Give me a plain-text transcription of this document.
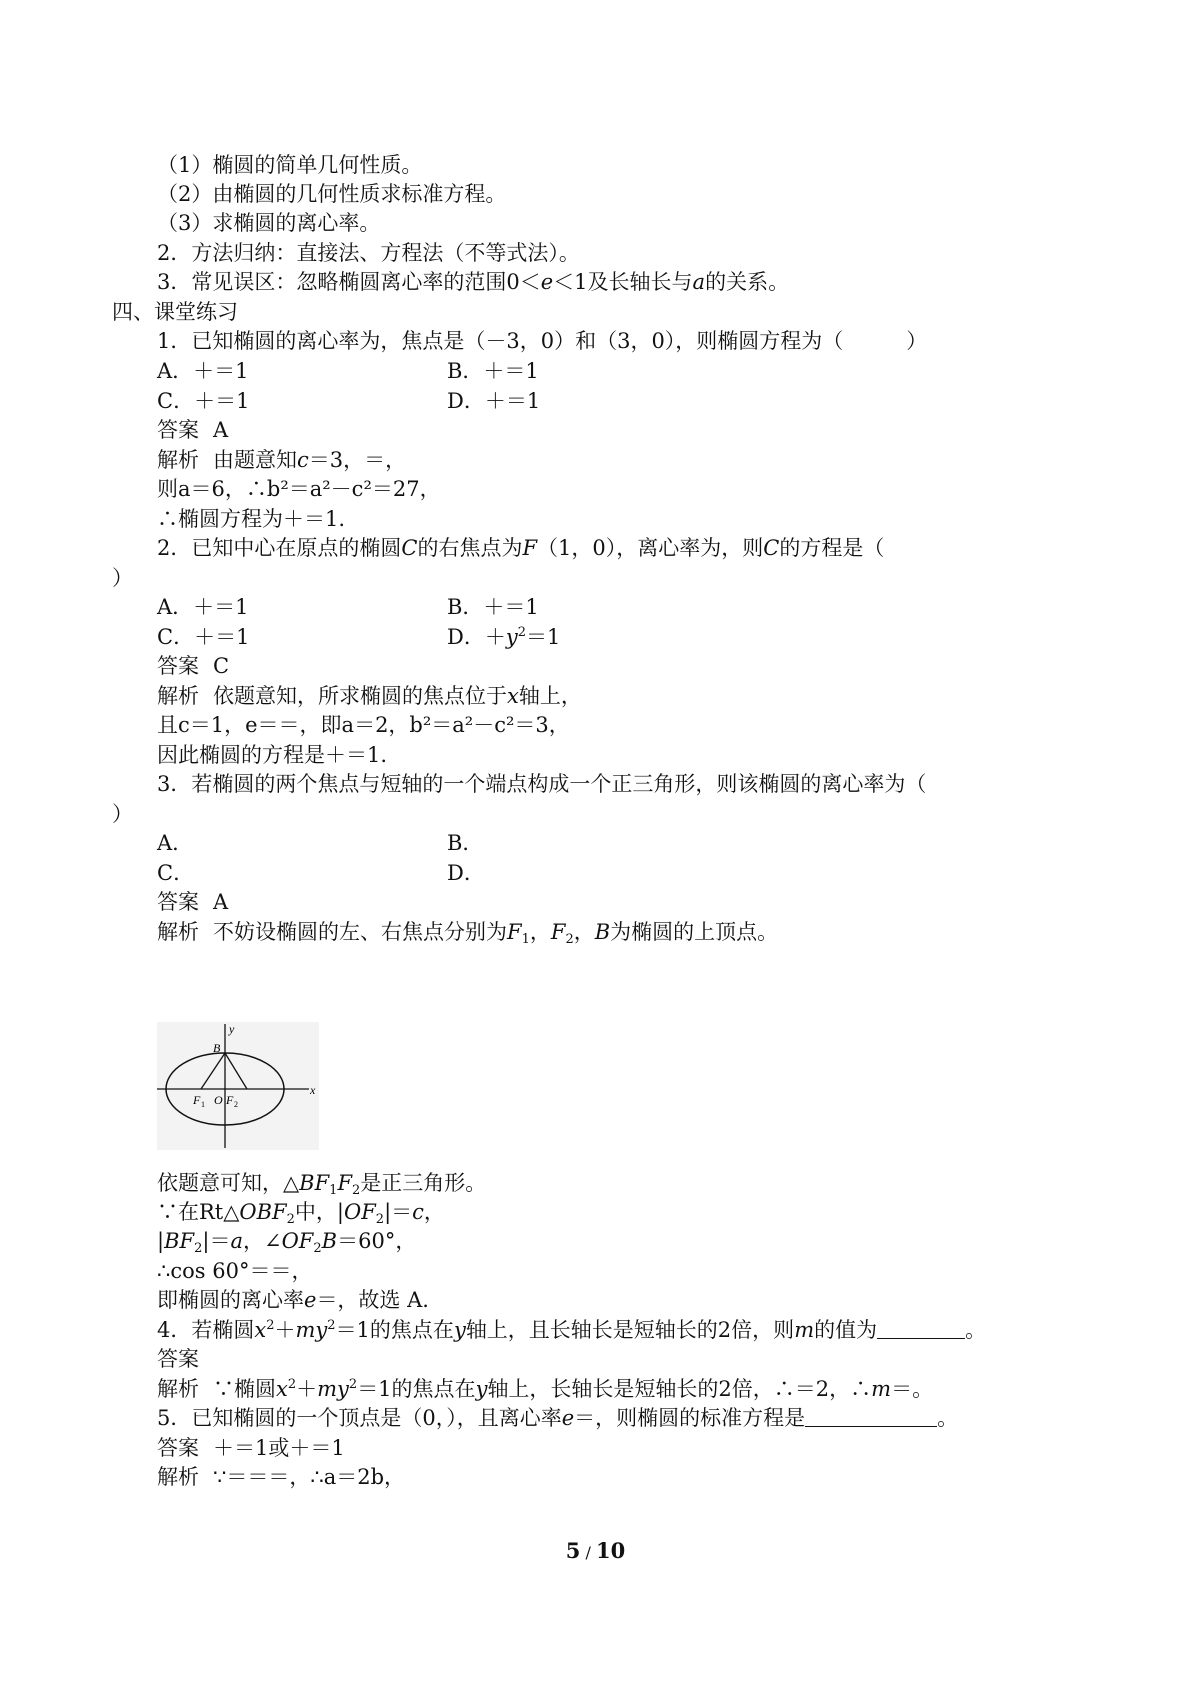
（1）椭圆的简单几何性质。
（2）由椭圆的几何性质求标准方程。
（3）求椭圆的离心率。
2．方法归纳：直接法、方程法（不等式法）。
3．常见误区：忽略椭圆离心率的范围0＜e＜1及长轴长与a的关系。
四、课堂练习
1．已知椭圆的离心率为，焦点是（－3，0）和（3，0），则椭圆方程为（　　　）
A．＋＝1	B．＋＝1
C．＋＝1	D．＋＝1
答案 A
解析 由题意知c＝3，＝，
则a＝6，∴b²＝a²－c²＝27，
∴椭圆方程为＋＝1.
2．已知中心在原点的椭圆C的右焦点为F（1，0），离心率为，则C的方程是（
）
A．＋＝1	B．＋＝1
C．＋＝1	D．$+y^2=1$
答案 C
解析 依题意知，所求椭圆的焦点位于x轴上，
且c＝1，e＝＝，即a＝2，b²＝a²－c²＝3，
因此椭圆的方程是＋＝1.
3．若椭圆的两个焦点与短轴的一个端点构成一个正三角形，则该椭圆的离心率为（
）
A．	B．
C．	D．
答案 A
解析 不妨设椭圆的左、右焦点分别为$F_1$，$F_2$，B为椭圆的上顶点。
y
x
B
F 1 O F 2
依题意可知，$\triangle BF_1F_2$是正三角形。
∵在$Rt\triangle OBF_2$中，$|OF_2|=c$，
$|BF_2|=a$，$\angle OF_2B=60^\circ$，
∴cos 60°＝＝，
即椭圆的离心率e＝，故选 A.
4．若椭圆$x^2+my^2=1$的焦点在y轴上，且长轴长是短轴长的2倍，则m的值为	。
答案
解析 ∵椭圆$x^2+my^2=1$的焦点在y轴上，长轴长是短轴长的2倍，∴＝2，∴m＝。
5．已知椭圆的一个顶点是（0，），且离心率e＝，则椭圆的标准方程是	。
答案 ＋＝1或＋＝1
解析 ∵＝＝＝，∴a＝2b，
5 / 10
